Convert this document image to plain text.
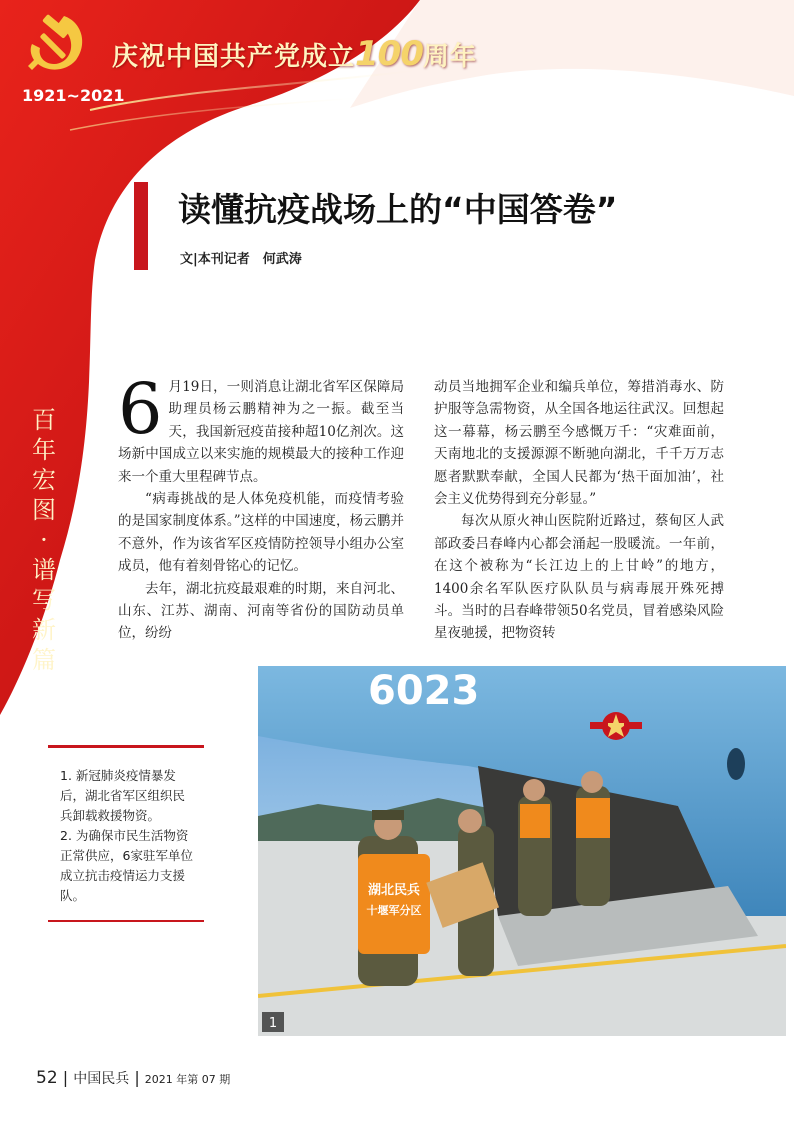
庆祝中国共产党成立100周年
1921~2021
百年宏图·谱写新篇
读懂抗疫战场上的“中国答卷”
文|本刊记者　何武涛

6 月19日，一则消息让湖北省军区保障局助理员杨云鹏精神为之一振。截至当天，我国新冠疫苗接种超10亿剂次。这场新中国成立以来实施的规模最大的接种工作迎来一个重大里程碑节点。

“病毒挑战的是人体免疫机能，而疫情考验的是国家制度体系。”这样的中国速度，杨云鹏并不意外，作为该省军区疫情防控领导小组办公室成员，他有着刻骨铭心的记忆。

去年，湖北抗疫最艰难的时期，来自河北、山东、江苏、湖南、河南等省份的国防动员单位，纷纷

动员当地拥军企业和编兵单位，筹措消毒水、防护服等急需物资，从全国各地运往武汉。回想起这一幕幕，杨云鹏至今感慨万千：“灾难面前，天南地北的支援源源不断驰向湖北，千千万万志愿者默默奉献，全国人民都为‘热干面加油’，社会主义优势得到充分彰显。”

每次从原火神山医院附近路过，蔡甸区人武部政委吕春峰内心都会涌起一股暖流。一年前，在这个被称为“长江边上的上甘岭”的地方，1400余名军队医疗队队员与病毒展开殊死搏斗。当时的吕春峰带领50名党员，冒着感染风险星夜驰援，把物资转

6023
湖北民兵
十堰军分区
1
1. 新冠肺炎疫情暴发后，湖北省军区组织民兵卸载救援物资。
2. 为确保市民生活物资正常供应，6家驻军单位成立抗击疫情运力支援队。
52 | 中国民兵 | 2021 年第 07 期
